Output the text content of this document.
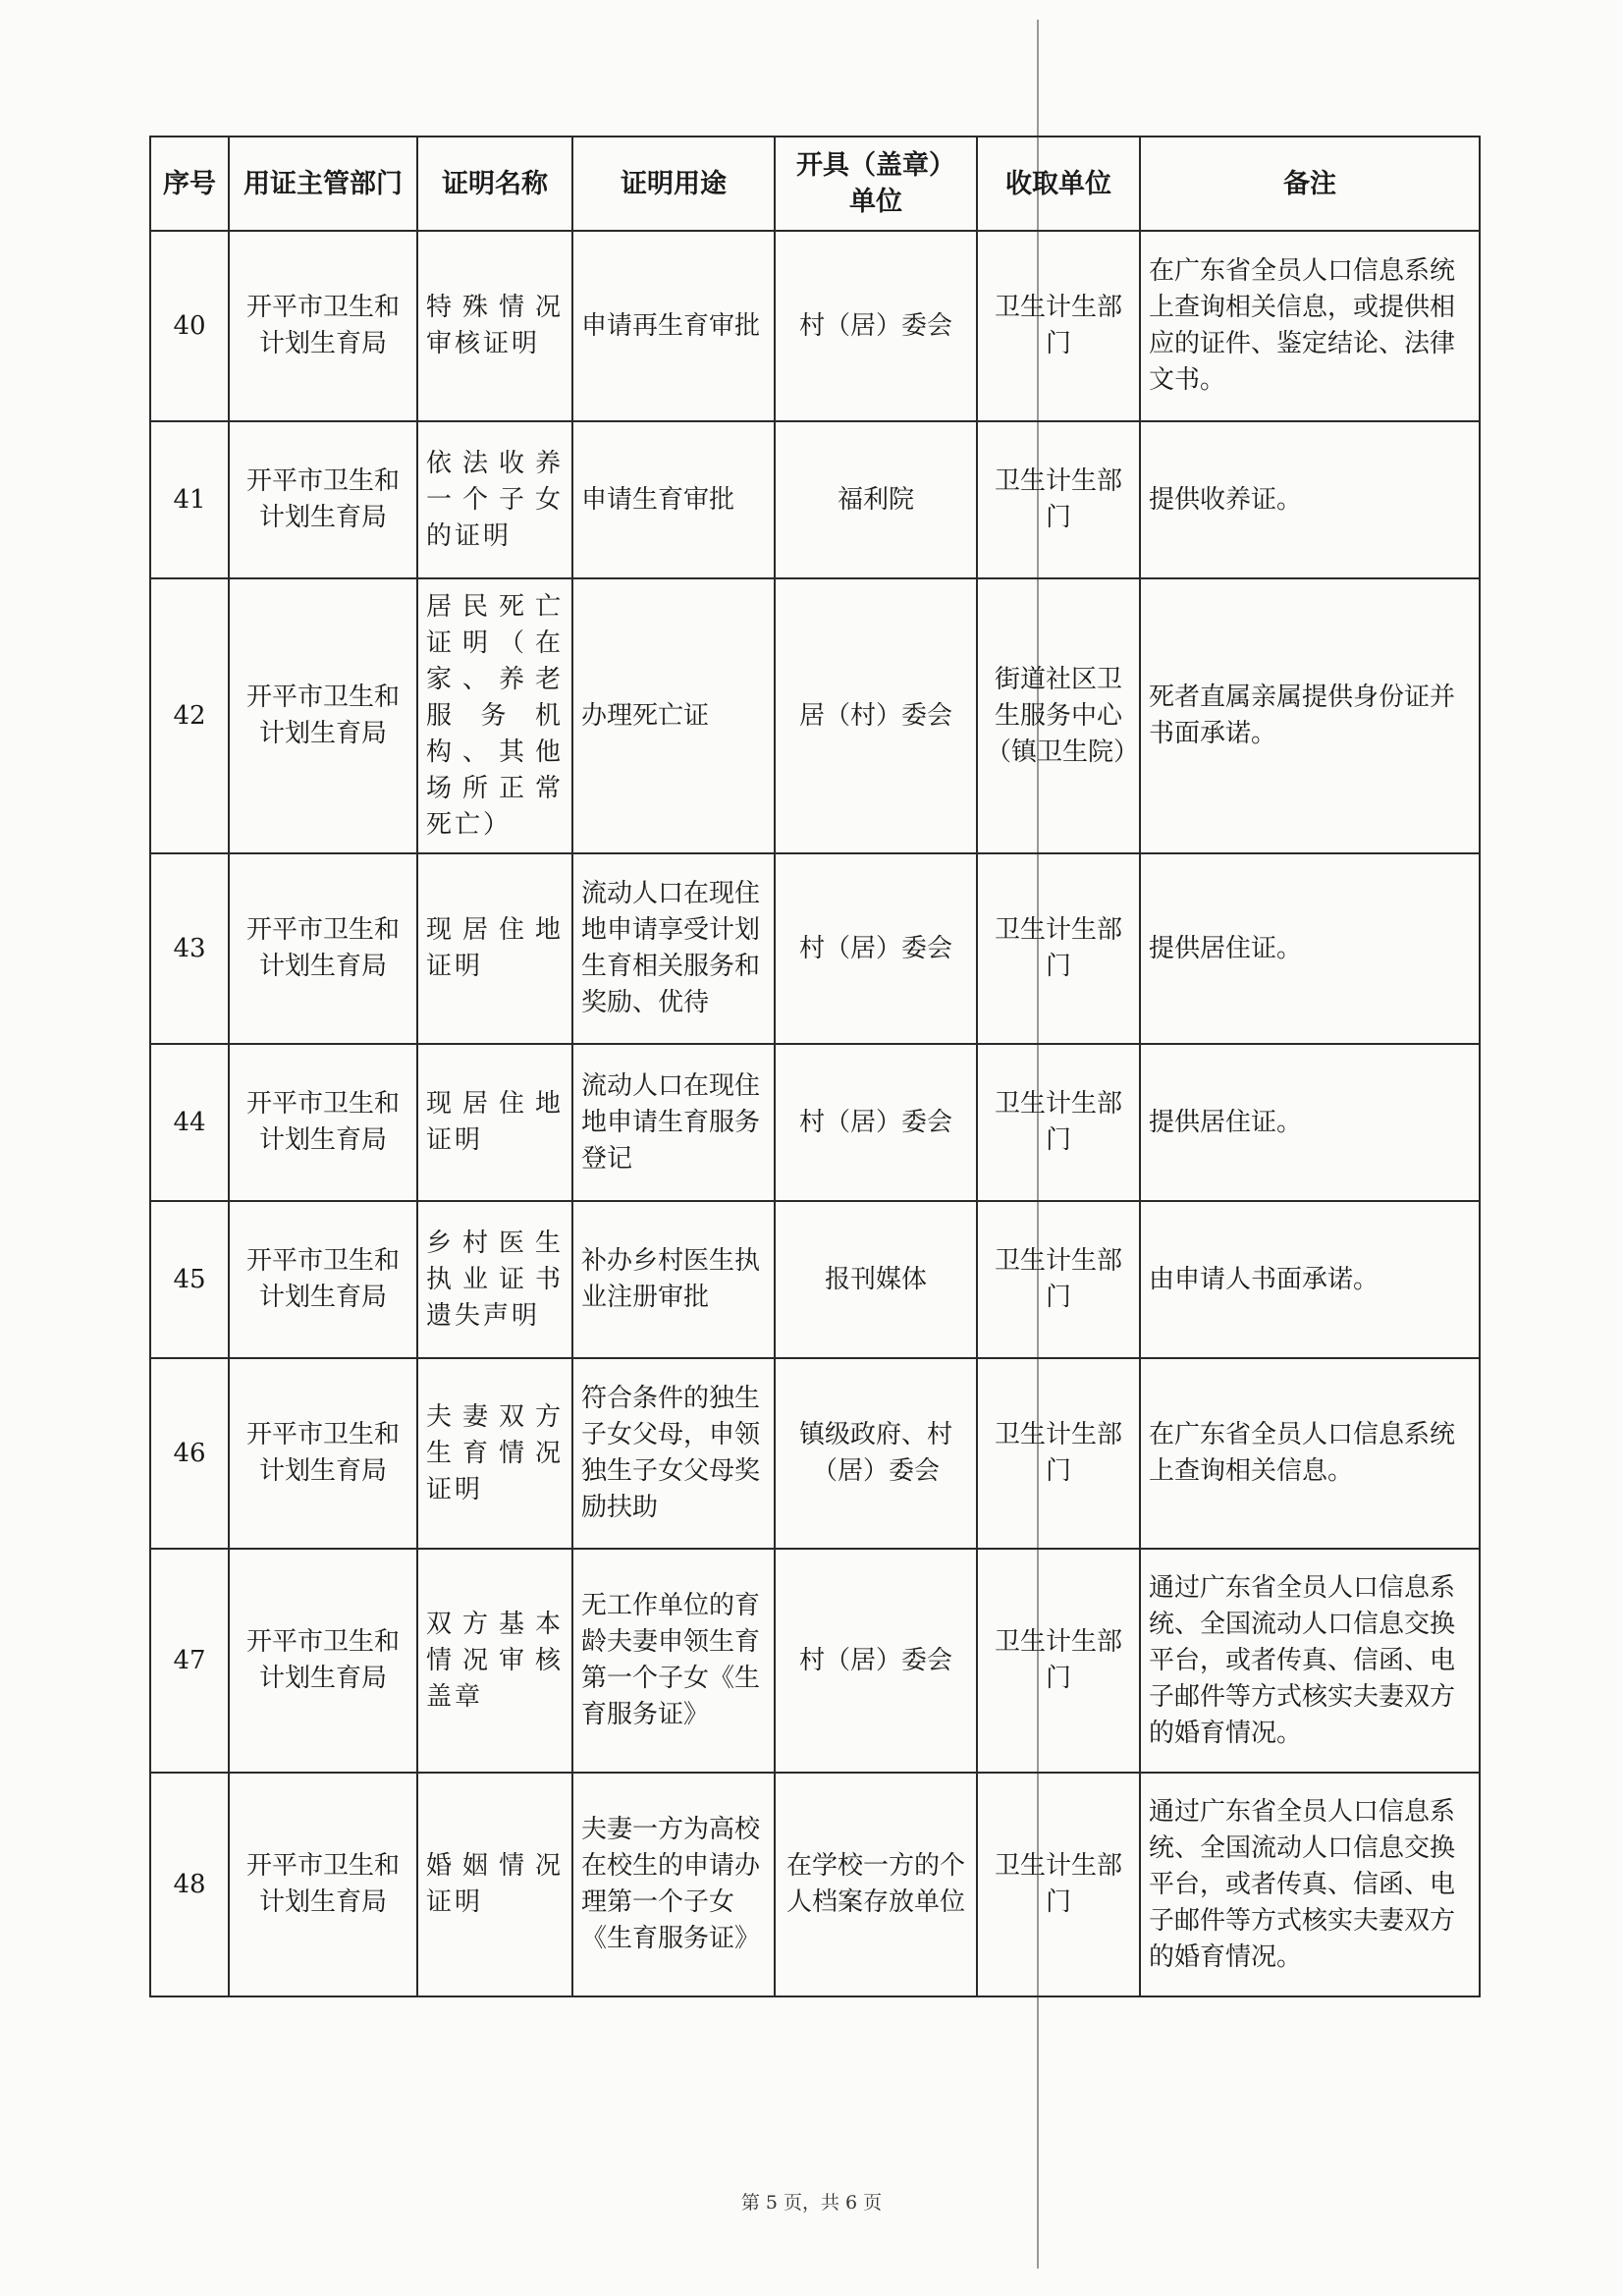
序号	用证主管部门	证明名称	证明用途	开具（盖章）单位	收取单位	备注
40	开平市卫生和计划生育局	特殊情况审核证明	申请再生育审批	村（居）委会	卫生计生部门	在广东省全员人口信息系统上查询相关信息，或提供相应的证件、鉴定结论、法律文书。
41	开平市卫生和计划生育局	依法收养一个子女的证明	申请生育审批	福利院	卫生计生部门	提供收养证。
42	开平市卫生和计划生育局	居民死亡证明（在家、养老服务机构、其他场所正常死亡）	办理死亡证	居（村）委会	街道社区卫生服务中心（镇卫生院）	死者直属亲属提供身份证并书面承诺。
43	开平市卫生和计划生育局	现居住地证明	流动人口在现住地申请享受计划生育相关服务和奖励、优待	村（居）委会	卫生计生部门	提供居住证。
44	开平市卫生和计划生育局	现居住地证明	流动人口在现住地申请生育服务登记	村（居）委会	卫生计生部门	提供居住证。
45	开平市卫生和计划生育局	乡村医生执业证书遗失声明	补办乡村医生执业注册审批	报刊媒体	卫生计生部门	由申请人书面承诺。
46	开平市卫生和计划生育局	夫妻双方生育情况证明	符合条件的独生子女父母，申领独生子女父母奖励扶助	镇级政府、村（居）委会	卫生计生部门	在广东省全员人口信息系统上查询相关信息。
47	开平市卫生和计划生育局	双方基本情况审核盖章	无工作单位的育龄夫妻申领生育第一个子女《生育服务证》	村（居）委会	卫生计生部门	通过广东省全员人口信息系统、全国流动人口信息交换平台，或者传真、信函、电子邮件等方式核实夫妻双方的婚育情况。
48	开平市卫生和计划生育局	婚姻情况证明	夫妻一方为高校在校生的申请办理第一个子女《生育服务证》	在学校一方的个人档案存放单位	卫生计生部门	通过广东省全员人口信息系统、全国流动人口信息交换平台，或者传真、信函、电子邮件等方式核实夫妻双方的婚育情况。
第 5 页，共 6 页
